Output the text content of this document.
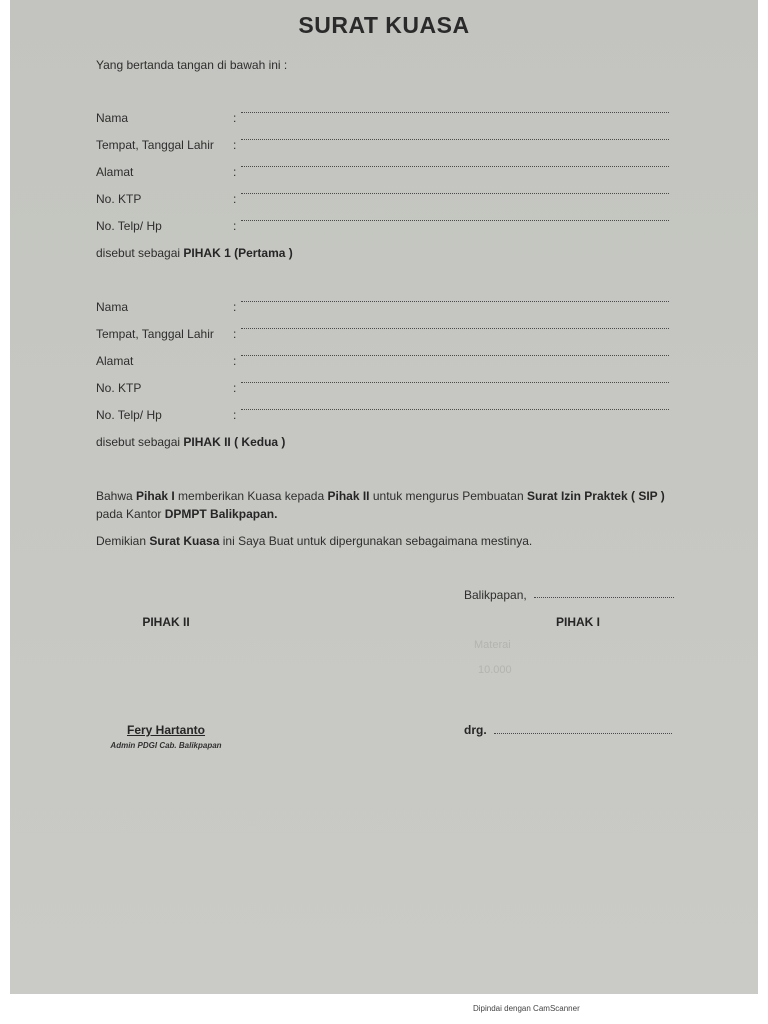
SURAT KUASA
Yang bertanda tangan di bawah ini :
Nama	:
Tempat, Tanggal Lahir :
Alamat	:
No. KTP	:
No. Telp/ Hp	:
disebut sebagai PIHAK 1 (Pertama )
Nama	:
Tempat, Tanggal Lahir :
Alamat	:
No. KTP	:
No. Telp/ Hp	:
disebut sebagai PIHAK II ( Kedua )
Bahwa Pihak I memberikan Kuasa kepada Pihak II untuk mengurus Pembuatan Surat Izin Praktek ( SIP )
pada Kantor DPMPT Balikpapan.
Demikian Surat Kuasa ini Saya Buat untuk dipergunakan sebagaimana mestinya.
Balikpapan,
PIHAK II	PIHAK I
Materai
10.000
Fery Hartanto
Admin PDGI Cab. Balikpapan
drg.
Dipindai dengan CamScanner
